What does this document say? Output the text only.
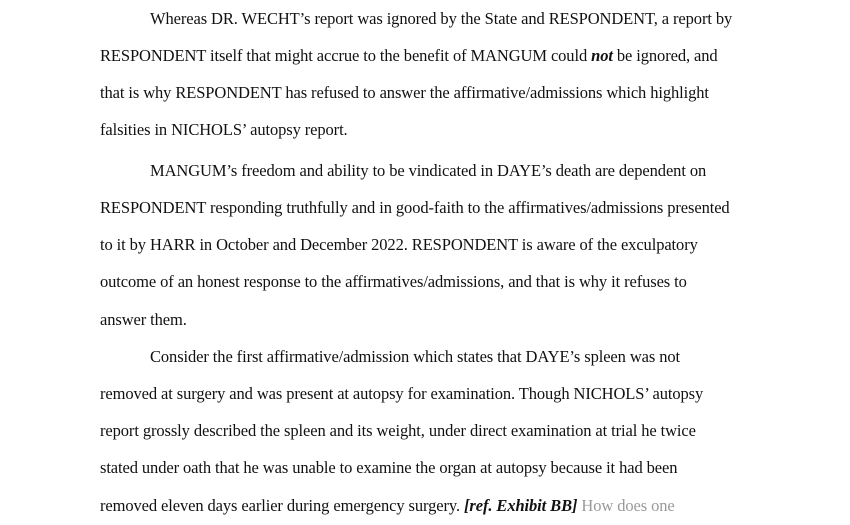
Whereas DR. WECHT’s report was ignored by the State and RESPONDENT, a report by
RESPONDENT itself that might accrue to the benefit of MANGUM could not be ignored, and
that is why RESPONDENT has refused to answer the affirmative/admissions which highlight
falsities in NICHOLS’ autopsy report.
MANGUM’s freedom and ability to be vindicated in DAYE’s death are dependent on
RESPONDENT responding truthfully and in good-faith to the affirmatives/admissions presented
to it by HARR in October and December 2022. RESPONDENT is aware of the exculpatory
outcome of an honest response to the affirmatives/admissions, and that is why it refuses to
answer them.
Consider the first affirmative/admission which states that DAYE’s spleen was not
removed at surgery and was present at autopsy for examination. Though NICHOLS’ autopsy
report grossly described the spleen and its weight, under direct examination at trial he twice
stated under oath that he was unable to examine the organ at autopsy because it had been
removed eleven days earlier during emergency surgery. [ref. Exhibit BB] How does one
